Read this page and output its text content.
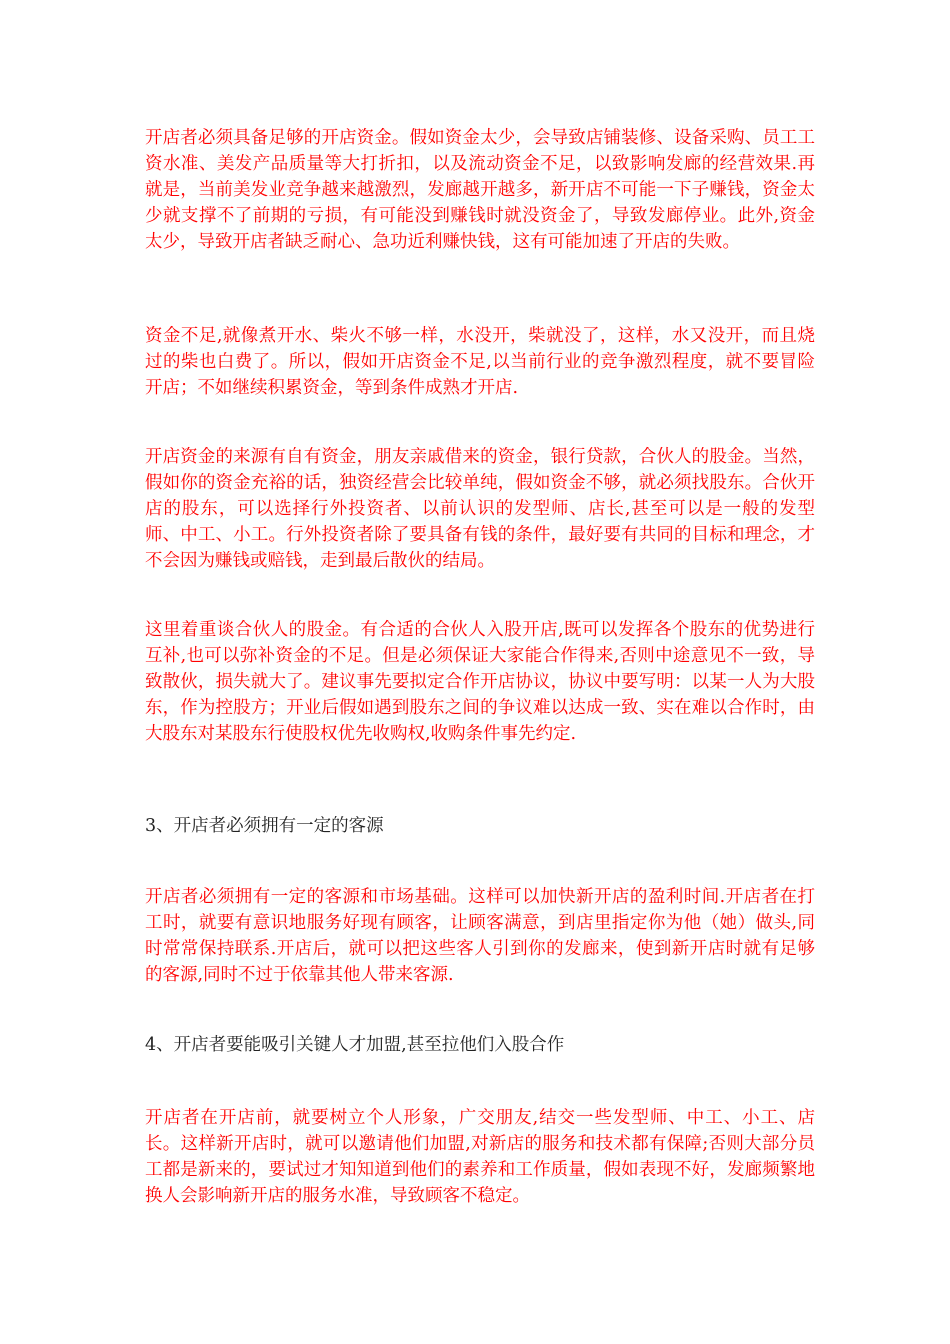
开店者必须具备足够的开店资金。假如资金太少，会导致店铺装修、设备采购、员工工资水准、美发产品质量等大打折扣，以及流动资金不足，以致影响发廊的经营效果.再就是，当前美发业竞争越来越激烈，发廊越开越多，新开店不可能一下子赚钱，资金太少就支撑不了前期的亏损，有可能没到赚钱时就没资金了，导致发廊停业。此外,资金太少，导致开店者缺乏耐心、急功近利赚快钱，这有可能加速了开店的失败。

资金不足,就像煮开水、柴火不够一样，水没开，柴就没了，这样，水又没开，而且烧过的柴也白费了。所以，假如开店资金不足,以当前行业的竞争激烈程度，就不要冒险开店；不如继续积累资金，等到条件成熟才开店.

开店资金的来源有自有资金，朋友亲戚借来的资金，银行贷款，合伙人的股金。当然，假如你的资金充裕的话，独资经营会比较单纯，假如资金不够，就必须找股东。合伙开店的股东，可以选择行外投资者、以前认识的发型师、店长,甚至可以是一般的发型师、中工、小工。行外投资者除了要具备有钱的条件，最好要有共同的目标和理念，才不会因为赚钱或赔钱，走到最后散伙的结局。

这里着重谈合伙人的股金。有合适的合伙人入股开店,既可以发挥各个股东的优势进行互补,也可以弥补资金的不足。但是必须保证大家能合作得来,否则中途意见不一致，导致散伙，损失就大了。建议事先要拟定合作开店协议，协议中要写明：以某一人为大股东，作为控股方；开业后假如遇到股东之间的争议难以达成一致、实在难以合作时，由大股东对某股东行使股权优先收购权,收购条件事先约定.

3、开店者必须拥有一定的客源

开店者必须拥有一定的客源和市场基础。这样可以加快新开店的盈利时间.开店者在打工时，就要有意识地服务好现有顾客，让顾客满意，到店里指定你为他（她）做头,同时常常保持联系.开店后，就可以把这些客人引到你的发廊来，使到新开店时就有足够的客源,同时不过于依靠其他人带来客源.

4、开店者要能吸引关键人才加盟,甚至拉他们入股合作

开店者在开店前，就要树立个人形象，广交朋友,结交一些发型师、中工、小工、店长。这样新开店时，就可以邀请他们加盟,对新店的服务和技术都有保障;否则大部分员工都是新来的，要试过才知知道到他们的素养和工作质量，假如表现不好，发廊频繁地换人会影响新开店的服务水准，导致顾客不稳定。
